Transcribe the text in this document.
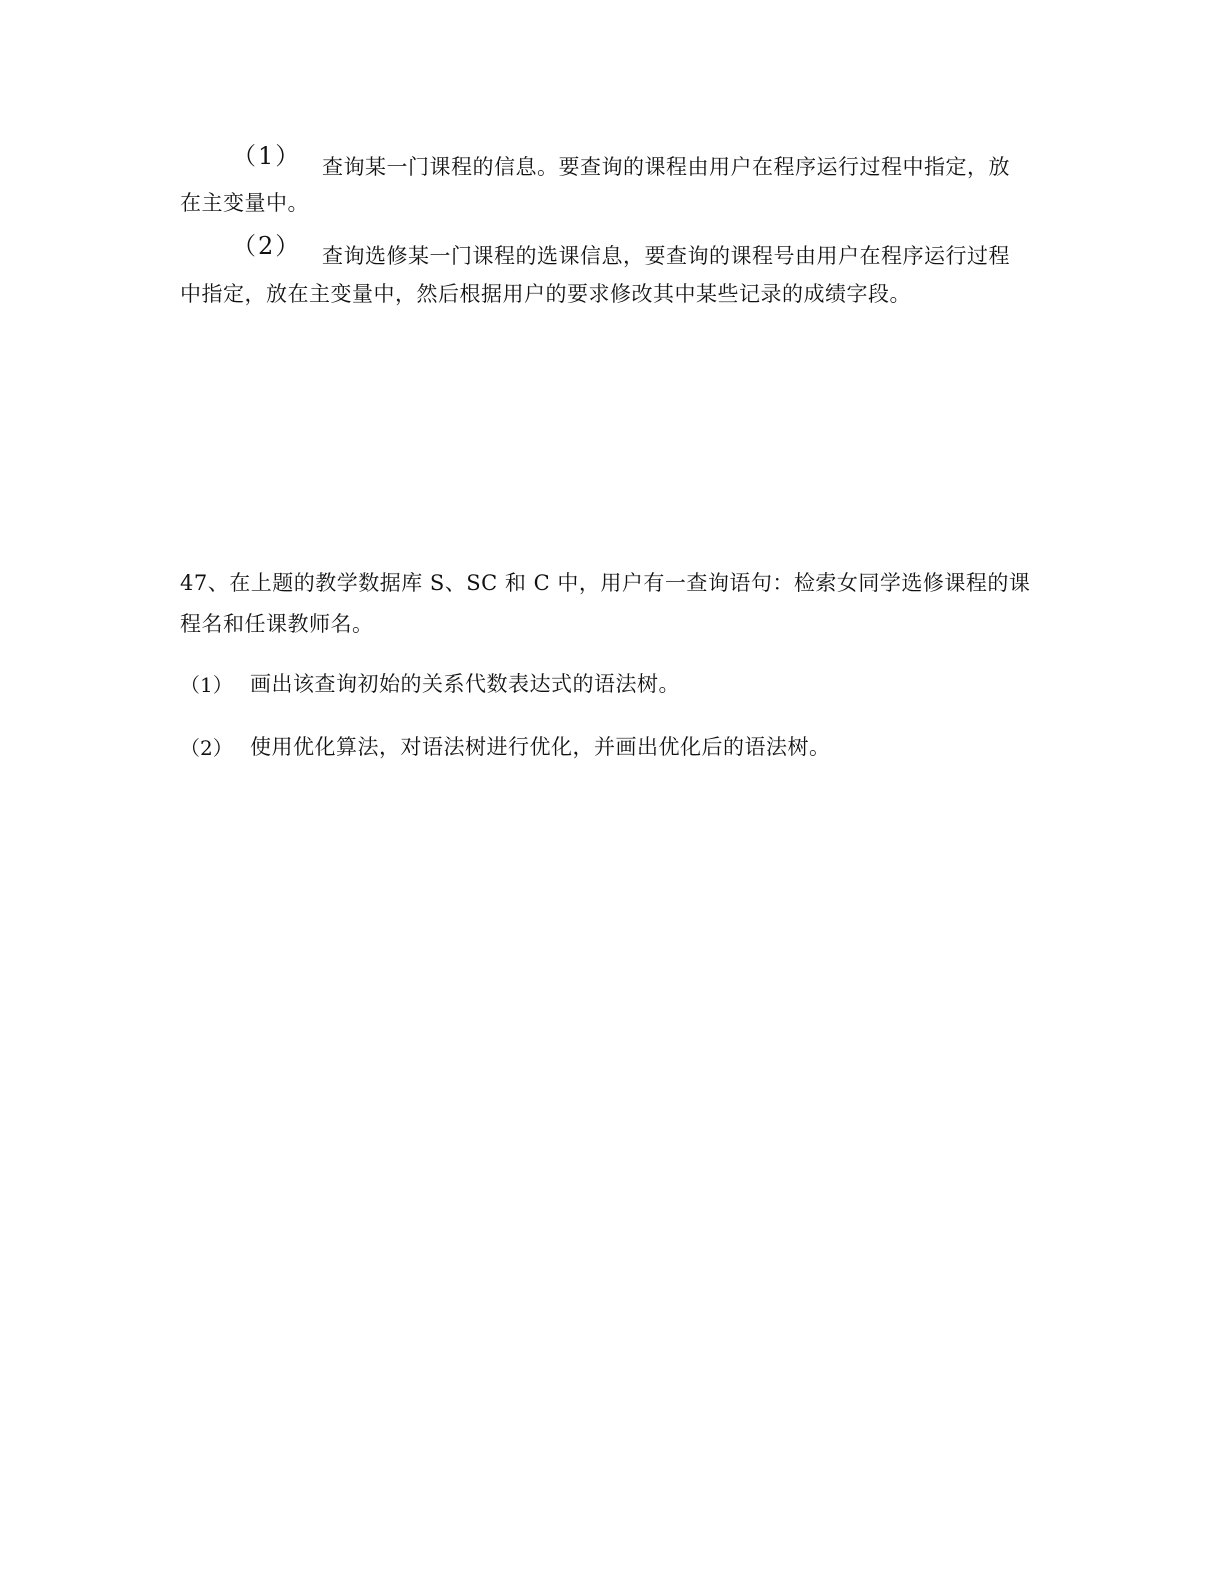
（1） 查询某一门课程的信息。要查询的课程由用户在程序运行过程中指定，放
在主变量中。
（2） 查询选修某一门课程的选课信息，要查询的课程号由用户在程序运行过程
中指定，放在主变量中，然后根据用户的要求修改其中某些记录的成绩字段。
47、在上题的教学数据库 S、SC 和 C 中，用户有一查询语句：检索女同学选修课程的课
程名和任课教师名。
（1） 画出该查询初始的关系代数表达式的语法树。
（2） 使用优化算法，对语法树进行优化，并画出优化后的语法树。
